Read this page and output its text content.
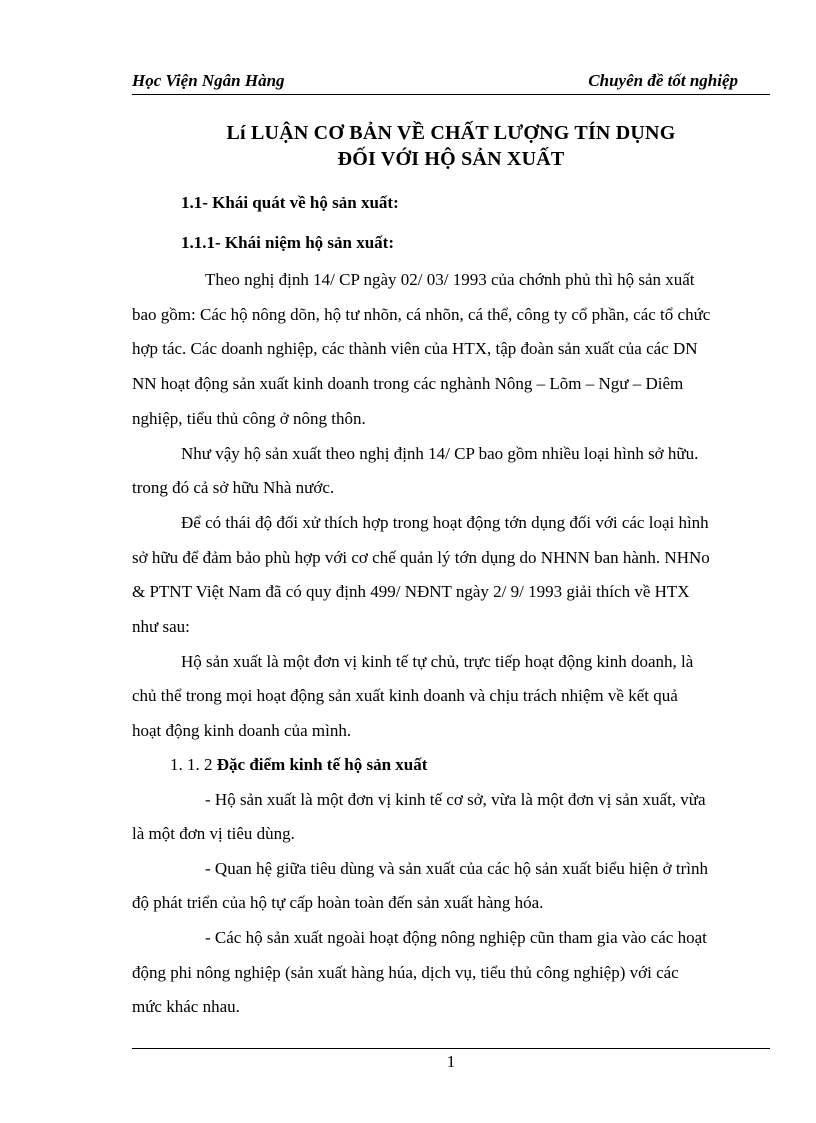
Học Viện Ngân Hàng	Chuyên đề tốt nghiệp
Lí LUẬN CƠ BẢN VỀ CHẤT LƯỢNG TÍN DỤNG
ĐỐI VỚI HỘ SẢN XUẤT
1.1- Khái quát về hộ sản xuất:
1.1.1- Khái niệm hộ sản xuất:
Theo nghị định 14/ CP ngày 02/ 03/ 1993 của chớnh phủ thì hộ sản xuất
bao gồm: Các hộ nông dõn, hộ tư nhõn, cá nhõn, cá thể, công ty cổ phần, các tổ chức
hợp tác. Các doanh nghiệp, các thành viên của HTX, tập đoàn sản xuất của các DN
NN hoạt động sản xuất kinh doanh trong các nghành Nông – Lõm – Ngư – Diêm
nghiệp, tiểu thủ công ở nông thôn.
Như vậy hộ sản xuất theo nghị định 14/ CP bao gồm nhiều loại hình sở hữu.
trong đó cả sở hữu Nhà nước.
Để có thái độ đối xử thích hợp trong hoạt động tớn dụng đối với các loại hình
sở hữu để đảm bảo phù hợp với cơ chế quản lý tớn dụng do NHNN ban hành. NHNo
& PTNT Việt Nam đã có quy định 499/ NĐNT ngày 2/ 9/ 1993 giải thích về HTX
như sau:
Hộ sản xuất là một đơn vị kinh tế tự chủ, trực tiếp hoạt động kinh doanh, là
chủ thể trong mọi hoạt động sản xuất kinh doanh và chịu trách nhiệm về kết quả
hoạt động kinh doanh của mình.
1. 1. 2 Đặc điểm kinh tế hộ sản xuất
- Hộ sản xuất là một đơn vị kinh tế cơ sở, vừa là một đơn vị sản xuất, vừa
là một đơn vị tiêu dùng.
- Quan hệ giữa tiêu dùng và sản xuất của các hộ sản xuất biểu hiện ở trình
độ phát triển của hộ tự cấp hoàn toàn đến sản xuất hàng hóa.
- Các hộ sản xuất ngoài hoạt động nông nghiệp cũn tham gia vào các hoạt
động phi nông nghiệp (sản xuất hàng húa, dịch vụ, tiểu thủ công nghiệp) với các
mức khác nhau.
1
